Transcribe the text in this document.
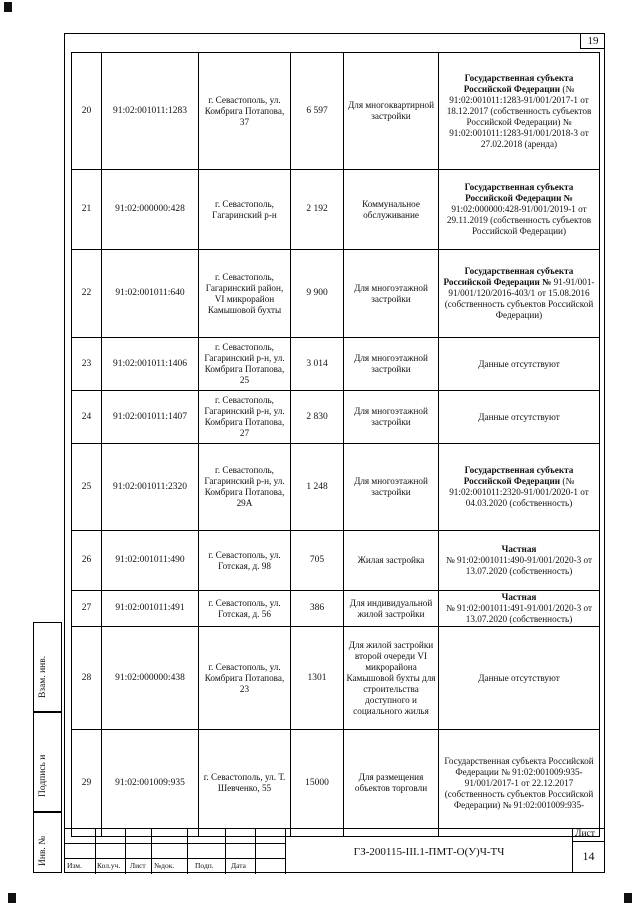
19
20	91:02:001011:1283	г. Севастополь, ул. Комбрига Потапова, 37	6 597	Для многоквартирной застройки	Государственная субъекта Российской Федерации (№ 91:02:001011:1283-91/001/2017-1 от 18.12.2017 (собственность субъектов Российской Федерации) № 91:02:001011:1283-91/001/2018-3 от 27.02.2018 (аренда)
21	91:02:000000:428	г. Севастополь, Гагаринский р-н	2 192	Коммунальное обслуживание	Государственная субъекта Российской Федерации № 91:02:000000:428-91/001/2019-1 от 29.11.2019 (собственность субъектов Российской Федерации)
22	91:02:001011:640	г. Севастополь, Гагаринский район, VI микрорайон Камышовой бухты	9 900	Для многоэтажной застройки	Государственная субъекта Российской Федерации № 91-91/001-91/001/120/2016-403/1 от 15.08.2016 (собственность субъектов Российской Федерации)
23	91:02:001011:1406	г. Севастополь, Гагаринский р-н, ул. Комбрига Потапова, 25	3 014	Для многоэтажной застройки	Данные отсутствуют
24	91:02:001011:1407	г. Севастополь, Гагаринский р-н, ул. Комбрига Потапова, 27	2 830	Для многоэтажной застройки	Данные отсутствуют
25	91:02:001011:2320	г. Севастополь, Гагаринский р-н, ул. Комбрига Потапова, 29А	1 248	Для многоэтажной застройки	Государственная субъекта Российской Федерации (№ 91:02:001011:2320-91/001/2020-1 от 04.03.2020 (собственность)
26	91:02:001011:490	г. Севастополь, ул. Готская, д. 98	705	Жилая застройка	Частная
№ 91:02:001011:490-91/001/2020-3 от 13.07.2020 (собственность)
27	91:02:001011:491	г. Севастополь, ул. Готская, д. 56	386	Для индивидуальной жилой застройки	Частная
№ 91:02:001011:491-91/001/2020-3 от 13.07.2020 (собственность)
28	91:02:000000:438	г. Севастополь, ул. Комбрига Потапова, 23	1301	Для жилой застройки второй очереди VI микрорайона Камышовой бухты для строительства доступного и социального жилья	Данные отсутствуют
29	91:02:001009:935	г. Севастополь, ул. Т. Шевченко, 55	15000	Для размещения объектов торговли	Государственная субъекта Российской Федерации № 91:02:001009:935-91/001/2017-1 от 22.12.2017 (собственность субъектов Российской Федерации) № 91:02:001009:935-
Взам. инв.
Подпись и
Инв. №	Изм. Кол.уч. Лист №док.	Подп. Дата
ГЗ-200115-III.1-ПМТ-О(У)Ч-ТЧ
Лист
14
